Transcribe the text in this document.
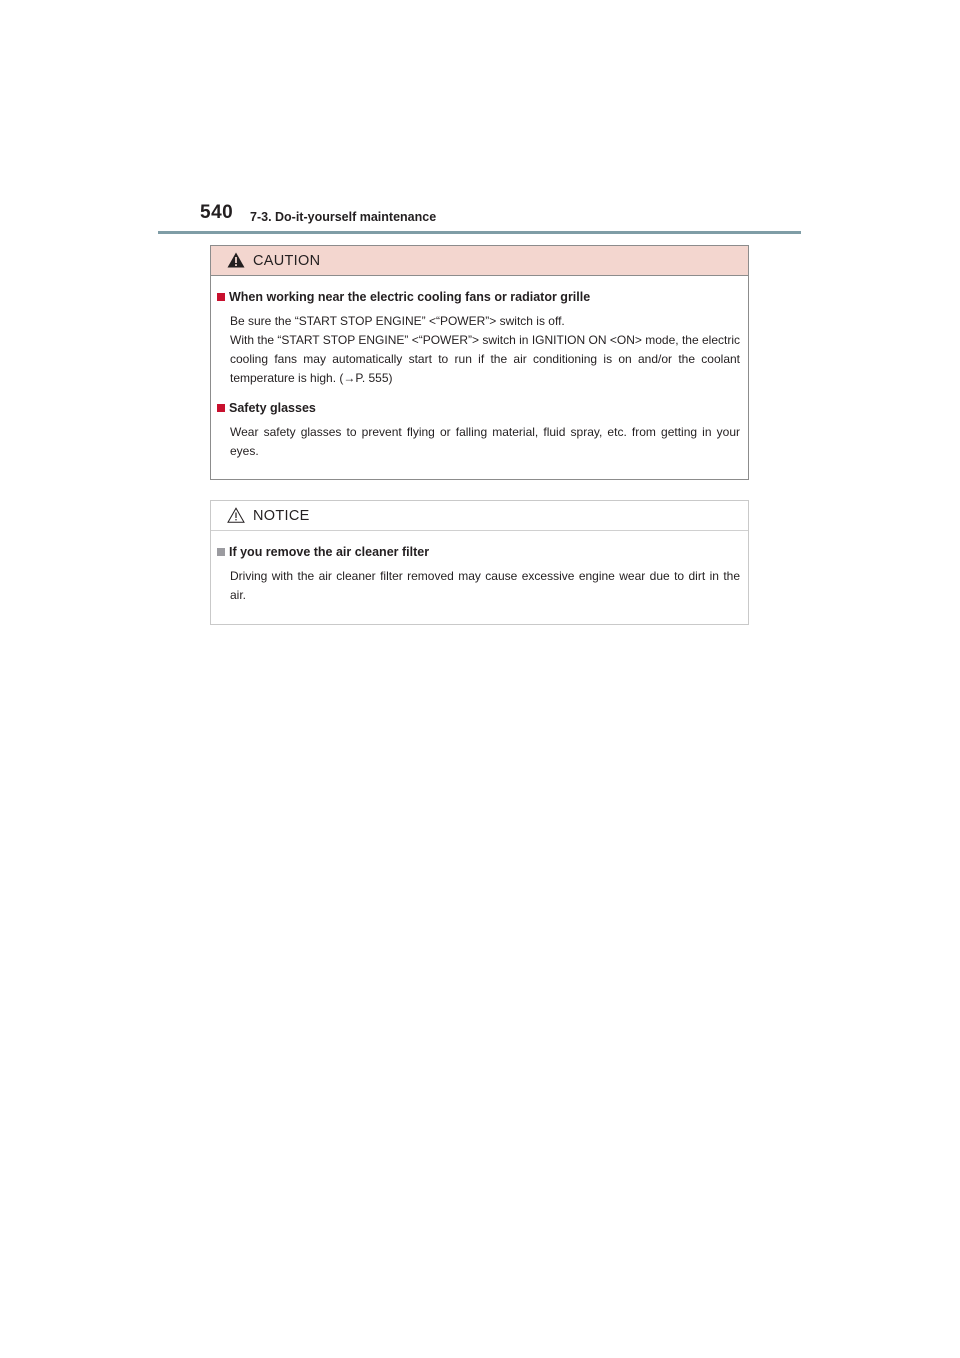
540 7-3. Do-it-yourself maintenance
CAUTION
When working near the electric cooling fans or radiator grille

Be sure the “START STOP ENGINE” <“POWER”> switch is off.

With the “START STOP ENGINE” <“POWER”> switch in IGNITION ON <ON> mode, the electric cooling fans may automatically start to run if the air conditioning is on and/or the coolant temperature is high. (→P. 555)

Safety glasses

Wear safety glasses to prevent flying or falling material, fluid spray, etc. from getting in your eyes.

NOTICE
If you remove the air cleaner filter

Driving with the air cleaner filter removed may cause excessive engine wear due to dirt in the air.
